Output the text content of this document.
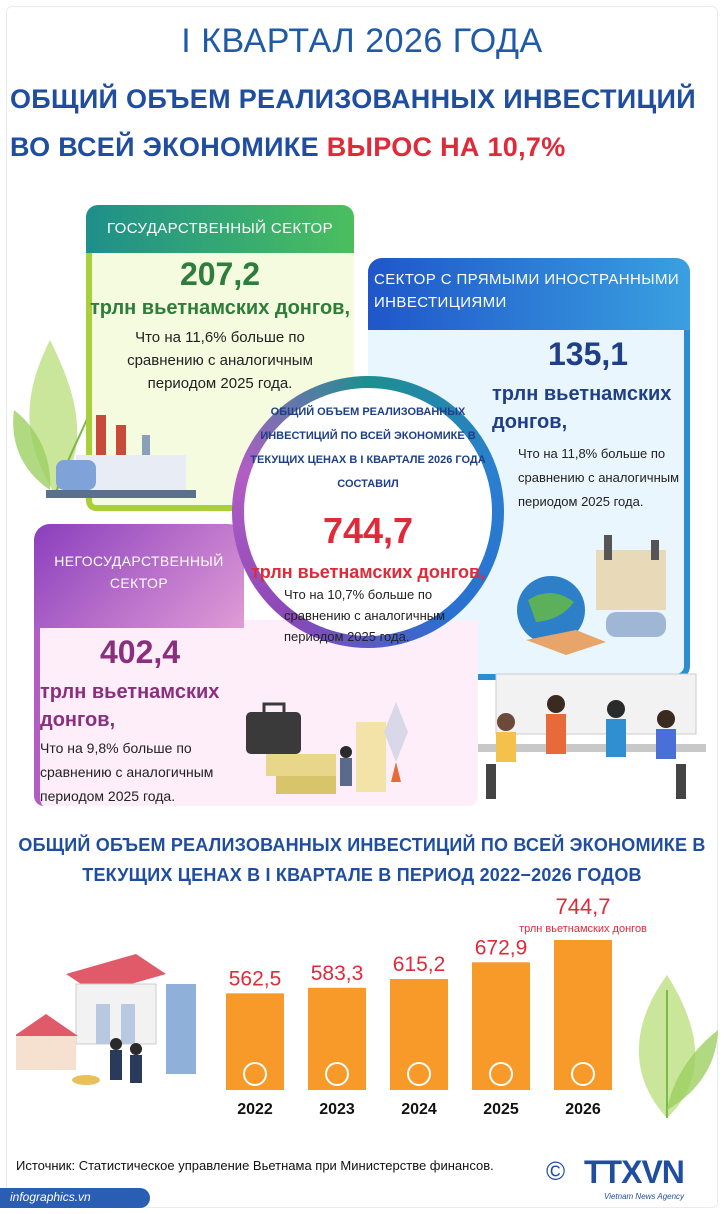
I КВАРТАЛ 2026 ГОДА
ОБЩИЙ ОБЪЕМ РЕАЛИЗОВАННЫХ ИНВЕСТИЦИЙ
ВО ВСЕЙ ЭКОНОМИКЕ ВЫРОС НА 10,7%
ГОСУДАРСТВЕННЫЙ СЕКТОР
207,2
трлн вьетнамских донгов,
Что на 11,6% больше по сравнению с аналогичным периодом 2025 года.
СЕКТОР С ПРЯМЫМИ ИНОСТРАННЫМИ ИНВЕСТИЦИЯМИ
135,1
трлн вьетнамских донгов,
Что на 11,8% больше по сравнению с аналогичным периодом 2025 года.
НЕГОСУДАРСТВЕННЫЙ СЕКТОР
402,4
трлн вьетнамских донгов,
Что на 9,8% больше по сравнению с аналогичным периодом 2025 года.
ОБЩИЙ ОБЪЕМ РЕАЛИЗОВАННЫХ ИНВЕСТИЦИЙ ПО ВСЕЙ ЭКОНОМИКЕ В ТЕКУЩИХ ЦЕНАХ В I КВАРТАЛЕ 2026 ГОДА СОСТАВИЛ
744,7
трлн вьетнамских донгов,
Что на 10,7% больше по сравнению с аналогичным периодом 2025 года.
ОБЩИЙ ОБЪЕМ РЕАЛИЗОВАННЫХ ИНВЕСТИЦИЙ ПО ВСЕЙ ЭКОНОМИКЕ В ТЕКУЩИХ ЦЕНАХ В I КВАРТАЛЕ В ПЕРИОД 2022−2026 ГОДОВ
562,5
2022
583,3
2023
615,2
2024
672,9
2025
744,7
2026
трлн вьетнамских донгов
Источник: Статистическое управление Вьетнама при Министерстве финансов.
infographics.vn
© TTXVN
Vietnam News Agency
